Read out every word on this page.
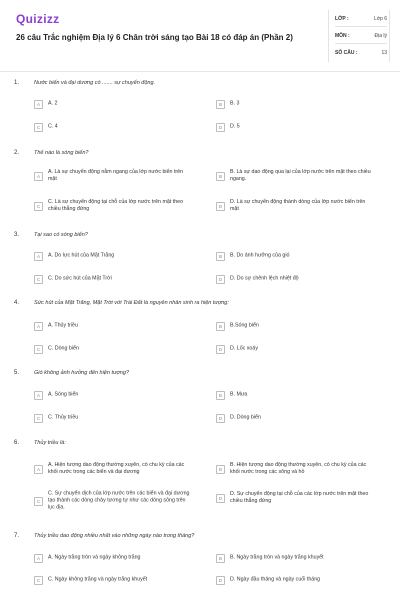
Quizizz
26 câu Trắc nghiệm Địa lý 6 Chân trời sáng tạo Bài 18 có đáp án (Phần 2)
LỚP :	Lớp 6
MÔN :	Địa lý
SỐ CÂU :	13
1.	Nước biển và đại dương có ....... sự chuyển động.
A	A. 2	B	B. 3
C	C. 4	D	D. 5
2.	Thế nào là sóng biển?
A
A. Là sự chuyển động nằm ngang của lớp nước biển trên mặt	B
B. Là sự dao động qua lại của lớp nước trên mặt theo chiều ngang.
C
C. Là sự chuyển động tại chỗ của lớp nước trên mặt theo chiều thẳng đứng	D
D. Là sự chuyển động thành dòng của lớp nước biển trên mặt
3.	Tại sao có sóng biển?
A	A. Do lực hút của Mặt Trăng	B	B. Do ảnh hưởng của gió
C	C. Do sức hút của Mặt Trời	D	D. Do sự chênh lệch nhiệt độ
4.	Sức hút của Mặt Trăng, Mặt Trời với Trái Đất là nguyên nhân sinh ra hiện tượng:
A	A. Thủy triều	B	B.Sóng biển
C	C. Dòng biển	D	D. Lốc xoáy
5.	Gió không ảnh hưởng đến hiện tượng?
A	A. Sóng biển	B	B. Mưa
C	C. Thủy triều	D	D. Dòng biển
6.	Thủy triều là:
A
A. Hiện tượng dao động thường xuyên, có chu kỳ của các khối nước trong các biển và đại dương	B
B. Hiện tượng dao động thường xuyên, có chu kỳ của các khối nước trong các sông và hồ
C
C. Sự chuyển dịch của lớp nước trên các biển và đại dương tạo thành các dòng chảy tương tự như các dòng sông trên lục địa.
D
D. Sự chuyển động tại chỗ của các lớp nước trên mặt theo chiều thẳng đứng
7.	Thủy triều dao động nhiều nhất vào những ngày nào trong tháng?
A	A. Ngày trăng tròn và ngày không trăng	B	B. Ngày trăng tròn và ngày trăng khuyết
C	C. Ngày không trăng và ngày trăng khuyết	D	D. Ngày đầu tháng và ngày cuối tháng
